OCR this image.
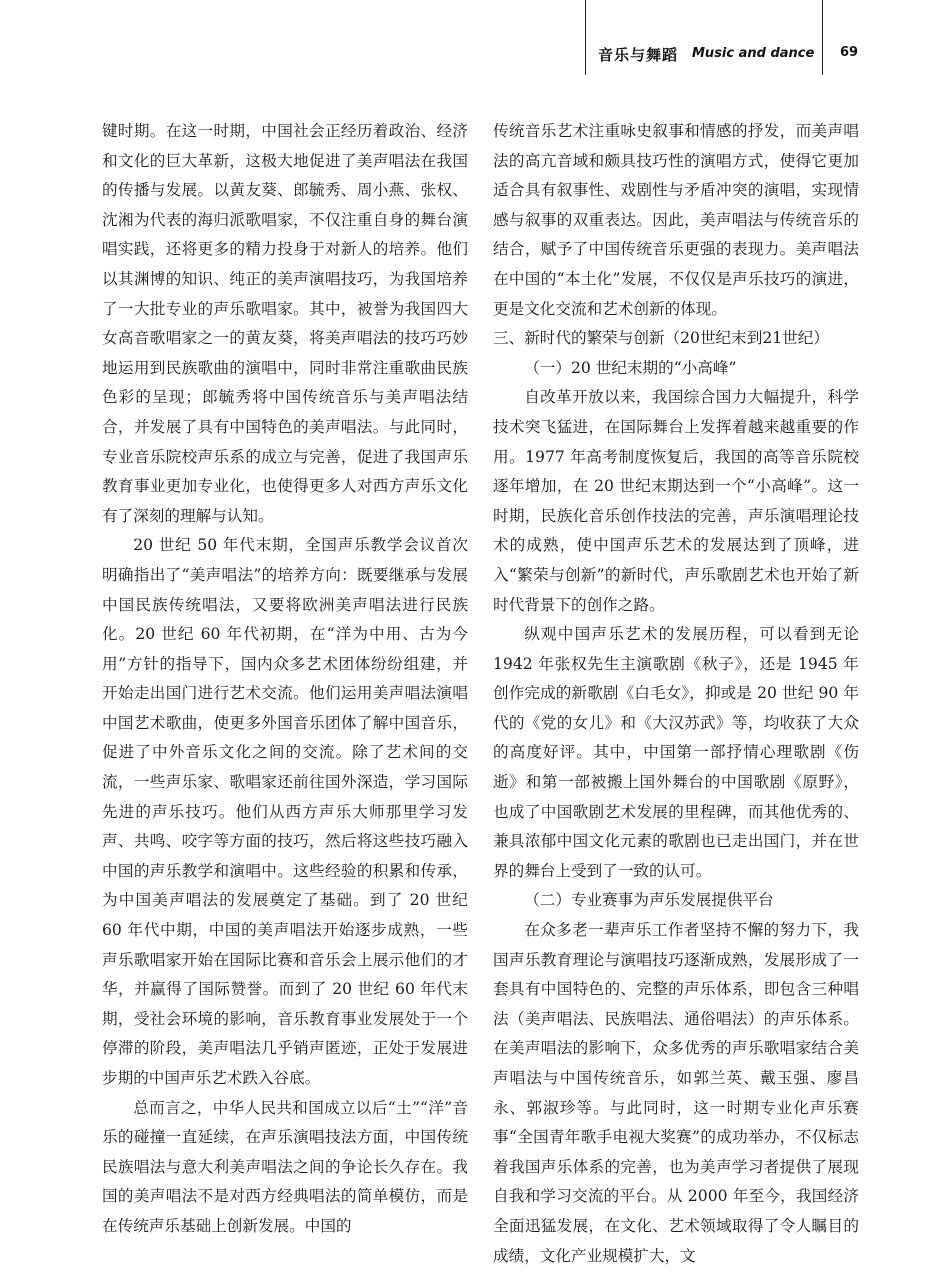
音乐与舞蹈 Music and dance 69

键时期。在这一时期，中国社会正经历着政治、经济和文化的巨大革新，这极大地促进了美声唱法在我国的传播与发展。以黄友葵、郎毓秀、周小燕、张权、沈湘为代表的海归派歌唱家，不仅注重自身的舞台演唱实践，还将更多的精力投身于对新人的培养。他们以其渊博的知识、纯正的美声演唱技巧，为我国培养了一大批专业的声乐歌唱家。其中，被誉为我国四大女高音歌唱家之一的黄友葵，将美声唱法的技巧巧妙地运用到民族歌曲的演唱中，同时非常注重歌曲民族色彩的呈现；郎毓秀将中国传统音乐与美声唱法结合，并发展了具有中国特色的美声唱法。与此同时，专业音乐院校声乐系的成立与完善，促进了我国声乐教育事业更加专业化，也使得更多人对西方声乐文化有了深刻的理解与认知。

20 世纪 50 年代末期，全国声乐教学会议首次明确指出了“美声唱法”的培养方向：既要继承与发展中国民族传统唱法，又要将欧洲美声唱法进行民族化。20 世纪 60 年代初期，在“洋为中用、古为今用”方针的指导下，国内众多艺术团体纷纷组建，并开始走出国门进行艺术交流。他们运用美声唱法演唱中国艺术歌曲，使更多外国音乐团体了解中国音乐，促进了中外音乐文化之间的交流。除了艺术间的交流，一些声乐家、歌唱家还前往国外深造，学习国际先进的声乐技巧。他们从西方声乐大师那里学习发声、共鸣、咬字等方面的技巧，然后将这些技巧融入中国的声乐教学和演唱中。这些经验的积累和传承，为中国美声唱法的发展奠定了基础。到了 20 世纪 60 年代中期，中国的美声唱法开始逐步成熟，一些声乐歌唱家开始在国际比赛和音乐会上展示他们的才华，并赢得了国际赞誉。而到了 20 世纪 60 年代末期，受社会环境的影响，音乐教育事业发展处于一个停滞的阶段，美声唱法几乎销声匿迹，正处于发展进步期的中国声乐艺术跌入谷底。

总而言之，中华人民共和国成立以后“土”“洋”音乐的碰撞一直延续，在声乐演唱技法方面，中国传统民族唱法与意大利美声唱法之间的争论长久存在。我国的美声唱法不是对西方经典唱法的简单模仿，而是在传统声乐基础上创新发展。中国的

传统音乐艺术注重咏史叙事和情感的抒发，而美声唱法的高亢音域和颇具技巧性的演唱方式，使得它更加适合具有叙事性、戏剧性与矛盾冲突的演唱，实现情感与叙事的双重表达。因此，美声唱法与传统音乐的结合，赋予了中国传统音乐更强的表现力。美声唱法在中国的“本土化”发展，不仅仅是声乐技巧的演进，更是文化交流和艺术创新的体现。

三、新时代的繁荣与创新（20世纪末到21世纪）

（一）20 世纪末期的“小高峰”

自改革开放以来，我国综合国力大幅提升，科学技术突飞猛进，在国际舞台上发挥着越来越重要的作用。1977 年高考制度恢复后，我国的高等音乐院校逐年增加，在 20 世纪末期达到一个“小高峰”。这一时期，民族化音乐创作技法的完善，声乐演唱理论技术的成熟，使中国声乐艺术的发展达到了顶峰，进入“繁荣与创新”的新时代，声乐歌剧艺术也开始了新时代背景下的创作之路。

纵观中国声乐艺术的发展历程，可以看到无论 1942 年张权先生主演歌剧《秋子》，还是 1945 年创作完成的新歌剧《白毛女》，抑或是 20 世纪 90 年代的《党的女儿》和《大汉苏武》等，均收获了大众的高度好评。其中，中国第一部抒情心理歌剧《伤逝》和第一部被搬上国外舞台的中国歌剧《原野》，也成了中国歌剧艺术发展的里程碑，而其他优秀的、兼具浓郁中国文化元素的歌剧也已走出国门，并在世界的舞台上受到了一致的认可。

（二）专业赛事为声乐发展提供平台

在众多老一辈声乐工作者坚持不懈的努力下，我国声乐教育理论与演唱技巧逐渐成熟，发展形成了一套具有中国特色的、完整的声乐体系，即包含三种唱法（美声唱法、民族唱法、通俗唱法）的声乐体系。在美声唱法的影响下，众多优秀的声乐歌唱家结合美声唱法与中国传统音乐，如郭兰英、戴玉强、廖昌永、郭淑珍等。与此同时，这一时期专业化声乐赛事“全国青年歌手电视大奖赛”的成功举办，不仅标志着我国声乐体系的完善，也为美声学习者提供了展现自我和学习交流的平台。从 2000 年至今，我国经济全面迅猛发展，在文化、艺术领域取得了令人瞩目的成绩，文化产业规模扩大，文
